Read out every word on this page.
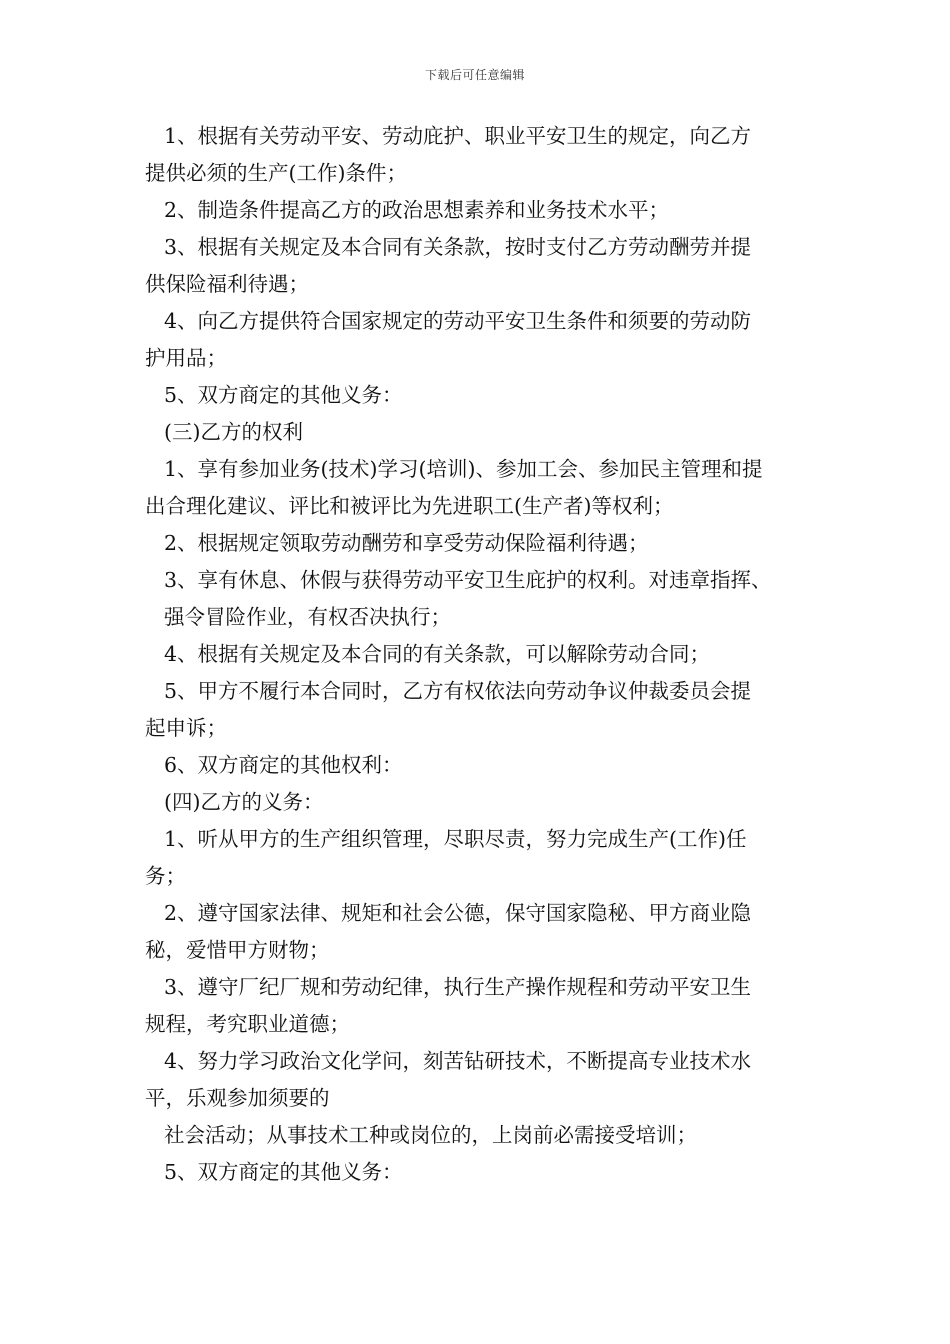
下载后可任意编辑
1、根据有关劳动平安、劳动庇护、职业平安卫生的规定，向乙方
提供必须的生产(工作)条件；
2、制造条件提高乙方的政治思想素养和业务技术水平；
3、根据有关规定及本合同有关条款，按时支付乙方劳动酬劳并提
供保险福利待遇；
4、向乙方提供符合国家规定的劳动平安卫生条件和须要的劳动防
护用品；
5、双方商定的其他义务：
(三)乙方的权利
1、享有参加业务(技术)学习(培训)、参加工会、参加民主管理和提
出合理化建议、评比和被评比为先进职工(生产者)等权利；
2、根据规定领取劳动酬劳和享受劳动保险福利待遇；
3、享有休息、休假与获得劳动平安卫生庇护的权利。对违章指挥、
强令冒险作业，有权否决执行；
4、根据有关规定及本合同的有关条款，可以解除劳动合同；
5、甲方不履行本合同时，乙方有权依法向劳动争议仲裁委员会提
起申诉；
6、双方商定的其他权利：
(四)乙方的义务：
1、听从甲方的生产组织管理，尽职尽责，努力完成生产(工作)任
务；
2、遵守国家法律、规矩和社会公德，保守国家隐秘、甲方商业隐
秘，爱惜甲方财物；
3、遵守厂纪厂规和劳动纪律，执行生产操作规程和劳动平安卫生
规程，考究职业道德；
4、努力学习政治文化学问，刻苦钻研技术，不断提高专业技术水
平，乐观参加须要的
社会活动；从事技术工种或岗位的，上岗前必需接受培训；
5、双方商定的其他义务：
